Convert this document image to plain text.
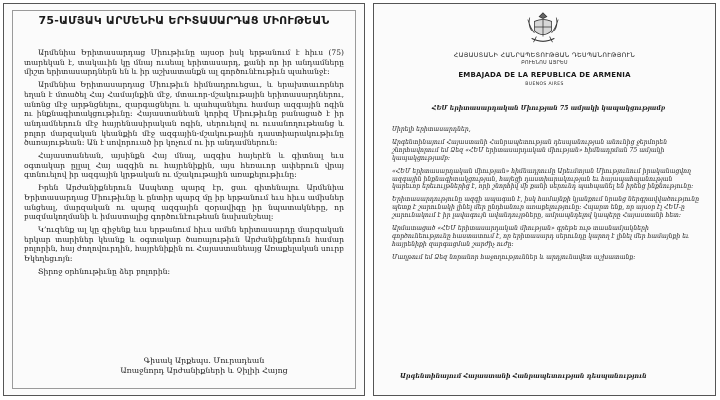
75-ԱՄՅԱԿ ԱՐՄԵՆԻԱ ԵՐԻՏԱՍԱՐԴԱՑ ՄԻՈՒԹԵԱՆ

Արմենիա Երիտասարդաց Միութիւնը այսօր իսկ երթանում է հիւս (75) տարեկան է, տակաւին կը մնայ ուսեալ երիտասարդ, քանի որ իր անդամները միշտ երիտասարդներն են և իր աշխատանքն ալ գործունէութիւն պահանջէ։

Արմենիա Երիտասարդաց Միութիւն հիմնադրուեցաւ, և երախտաւորներ եղան է մտածել Հայ Համայնքին մէջ, մտաւոր-մշակութային երիտասարդներու, անոնց մէջ արթնցնելու, զարգացնելու և պահպանելու համար ազգային ոգին ու ինքնագիտակցութիւնը։ Հայաստանեան կորիզ Միութիւնը բանացած է իր անդամներուն մէջ հայրենասիրական ոգին, սերուելով ու ուսանողութեանց և բոլոր մարզական կեանքին մէջ ազգային-մշակութային դաստիարակութիւնը ծառայութեան։ Ան է սովորուած իր կոչում ու իր անդամներուն։

Հայաստանեան, այսինքն Հայ մնալ, ազգիս հայերէն և գիտնալ եւս օգտակար ըլլալ Հայ ազգին ու հայրենիքին, այս հեռաւոր ափերուն վրայ գտնուելով իր ազգային կրթական ու մշակութային առաքելութիւնը։

Իրեն Արժանիքներուն Ասպետը պարզ էր, ցաւ գիտենալու Արմենիա Երիտասարդաց Միութիւնը և ընտիր պարզ մը իր երթանում եւս հիւս ամիսներ անցեալ, մարզական ու պարզ ազգային զօրավիգը իր նպատակները, որ բազմակողմանի և իմաստալից գործունէութեան նախանշեալ։

Կ՚ուզենք ալ կը զիջենք եւս երթանում հիւս ամեն երիտասարդը մարզական երկար տարիներ կեանք և օգտակար ծառայութիւն Արժանիքներուն համար բոլորին, հայ ժողովուրդին, հայրենիքին ու Հայաստանեայց Առաքելական սուրբ Եկեղեցւոյն։

Տիրոջ օրհնութիւնը ձեր բոլորին։

Գիսակ Արքեպս. Մուրադեան
Առաջնորդ Արժանիքների և Չիլիի Հայոց
ՀԱՅԱՍՏԱՆԻ ՀԱՆՐԱՊԵՏՈՒԹՅԱՆ ԴԵՍՊԱՆՈՒԹՅՈՒՆ
ԲՈՒԵՆՈՍ ԱՅՐԵՍ
EMBAJADA DE LA REPUBLICA DE ARMENIA
BUENOS AIRES
ՀԵՄ երիտասարդական Միության 75 ամյակի կապակցությամբ

Սիրելի երիտասարդներ,

Արգենտինայում Հայաստանի Հանրապետության դեսպանության անունից ջերմորեն շնորհավորում եմ Ձեզ «ՀԵՄ երիտասարդական միության» հիմնադրման 75 ամյակի կապակցությամբ։

«ՀԵՄ երիտասարդական միության» հիմնադրումը Արեւմտյան Միությունում իրականացվող ազգային ինքնագիտակցության, հայեցի դաստիարակության եւ հայապահպանության կարեւոր երեւույթներից է, որի շնորհիվ մի քանի սերունդ պահպանել են իրենց ինքնությունը։

Երիտասարդությունը ազգի ապագան է, իսկ համայնքի կյանքում նրանց ներգրավվածությունը պետք է շարունակի լինել մեր ընդհանուր առաքելությունը։ Հպարտ ենք, որ այսօր էլ ՀԵՄ-ը շարունակում է իր լավագույն ավանդույթները, ամրապնդելով կապերը Հայաստանի հետ։

Արմատացած «ՀԵՄ երիտասարդական միության» գրեթե ութ տասնամյակների գործունեությունը հաստատում է, որ երիտասարդ սերունդը կարող է լինել մեր համայնքի եւ հայրենիքի զարգացման շարժիչ ուժը։

Մաղթում եմ Ձեզ նորանոր հաջողություններ և արդյունավետ աշխատանք։

Արգենտինայում Հայաստանի Հանրապետության դեսպանություն
